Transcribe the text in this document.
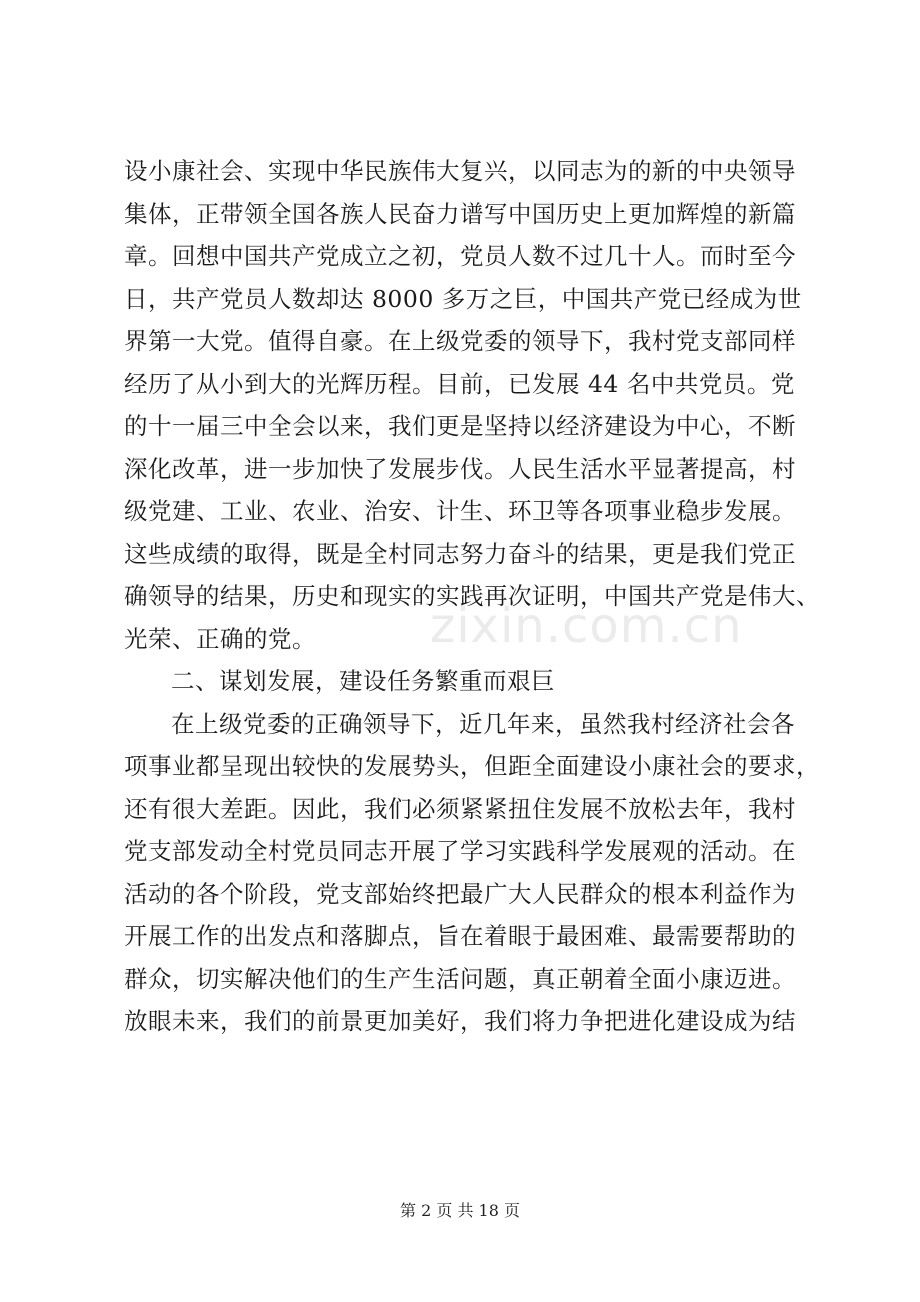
设小康社会、实现中华民族伟大复兴，以同志为的新的中央领导
集体，正带领全国各族人民奋力谱写中国历史上更加辉煌的新篇
章。回想中国共产党成立之初，党员人数不过几十人。而时至今
日，共产党员人数却达 8000 多万之巨，中国共产党已经成为世
界第一大党。值得自豪。在上级党委的领导下，我村党支部同样
经历了从小到大的光辉历程。目前，已发展 44 名中共党员。党
的十一届三中全会以来，我们更是坚持以经济建设为中心，不断
深化改革，进一步加快了发展步伐。人民生活水平显著提高，村
级党建、工业、农业、治安、计生、环卫等各项事业稳步发展。
这些成绩的取得，既是全村同志努力奋斗的结果，更是我们党正
确领导的结果，历史和现实的实践再次证明，中国共产党是伟大、
光荣、正确的党。
二、谋划发展，建设任务繁重而艰巨
在上级党委的正确领导下，近几年来，虽然我村经济社会各
项事业都呈现出较快的发展势头，但距全面建设小康社会的要求，
还有很大差距。因此，我们必须紧紧扭住发展不放松去年，我村
党支部发动全村党员同志开展了学习实践科学发展观的活动。在
活动的各个阶段，党支部始终把最广大人民群众的根本利益作为
开展工作的出发点和落脚点，旨在着眼于最困难、最需要帮助的
群众，切实解决他们的生产生活问题，真正朝着全面小康迈进。
放眼未来，我们的前景更加美好，我们将力争把进化建设成为结
zixin.com.cn
第 2 页 共 18 页
